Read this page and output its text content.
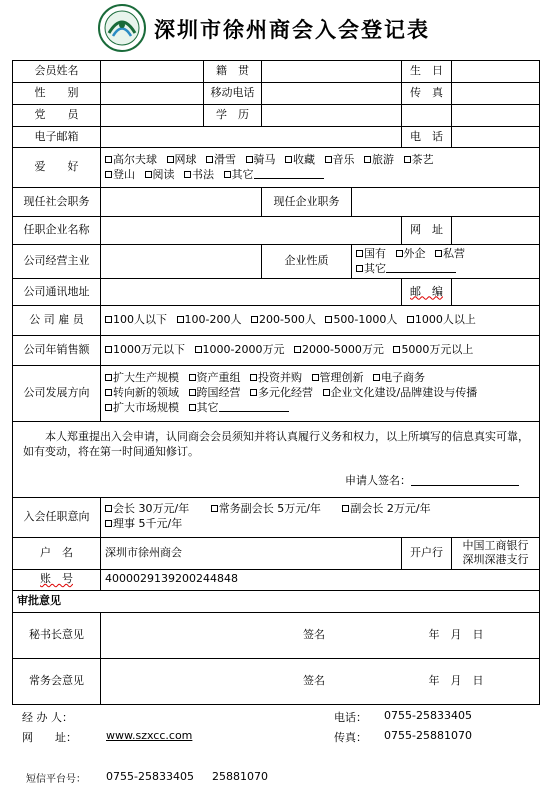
深圳市徐州商会入会登记表
会员姓名		籍　贯			生　日	
性　　别		移动电话			传　真	
党　　员		学　历				
电子邮箱					电　话	
爱　　好	高尔夫球 网球 滑雪 骑马 收藏 音乐 旅游 茶艺
登山 阅读 书法 其它					

现任社会职务			现任企业职务			
任职企业名称					网　址	
公司经营主业			企业性质	国有 外企 私营
其它		

公司通讯地址					邮　编	
公 司 雇 员	100人以下 100-200人 200-500人 500-1000人 1000人以上					
公司年销售额	1000万元以下 1000-2000万元 2000-5000万元 5000万元以上					
公司发展方向	扩大生产规模 资产重组 投资并购 管理创新 电子商务
转向新的领域 跨国经营 多元化经营 企业文化建设/品牌建设与传播
扩大市场规模 其它					

本人郑重提出入会申请，认同商会会员须知并将认真履行义务和权力，以上所填写的信息真实可靠，如有变动，将在第一时间通知修订。
申请人签名：						

入会任职意向	会长 30万元/年 常务副会长 5万元/年 副会长 2万元/年
理事 5千元/年					

户　名	深圳市徐州商会				开户行	中国工商银行
深圳深港支行

账　号	4000029139200244848					
审批意见						
秘书长意见	签名 年　月　日					
常务会意见	签名 年　月　日					
经 办 人：	电话： 0755-25833405
网　　址：	www.szxcc.com	传真： 0755-25881070
短信平台号： 0755-25833405 25881070
